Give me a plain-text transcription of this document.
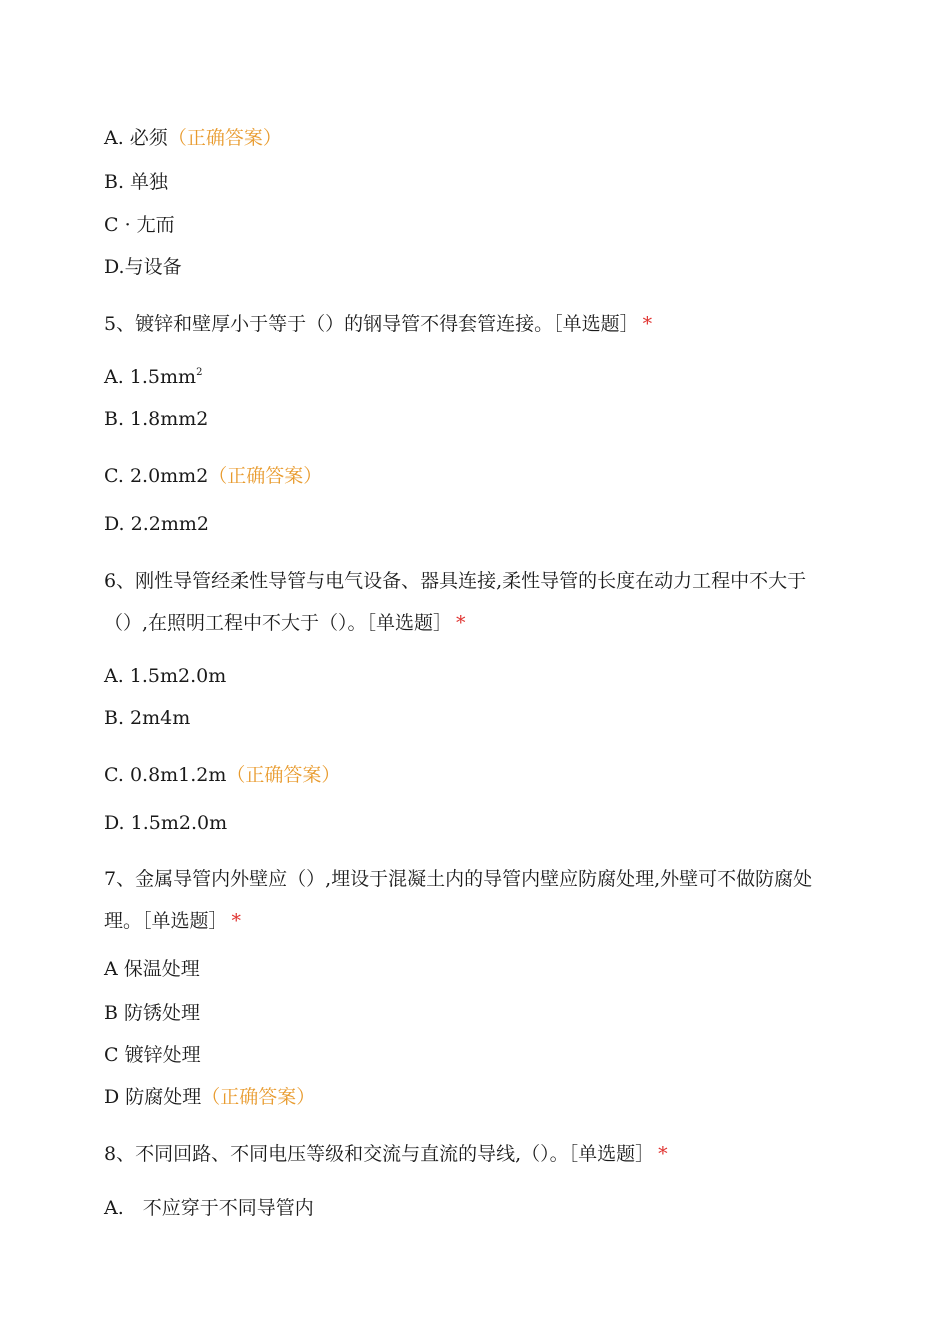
A. 必须（正确答案）
B. 单独
C · 尢而
D.与设备
5、镀锌和壁厚小于等于（）的钢导管不得套管连接。［单选题］ *
A. $1.5mm^2$
B. 1.8mm2
C. 2.0mm2（正确答案）
D. 2.2mm2
6、刚性导管经柔性导管与电气设备、器具连接,柔性导管的长度在动力工程中不大于（）,在照明工程中不大于（）。［单选题］ *
A. 1.5m2.0m
B. 2m4m
C. 0.8m1.2m（正确答案）
D. 1.5m2.0m
7、金属导管内外壁应（）,埋设于混凝土内的导管内壁应防腐处理,外壁可不做防腐处理。［单选题］ *
A 保温处理
B 防锈处理
C 镀锌处理
D 防腐处理（正确答案）
8、不同回路、不同电压等级和交流与直流的导线,（）。［单选题］ *
A.　不应穿于不同导管内
